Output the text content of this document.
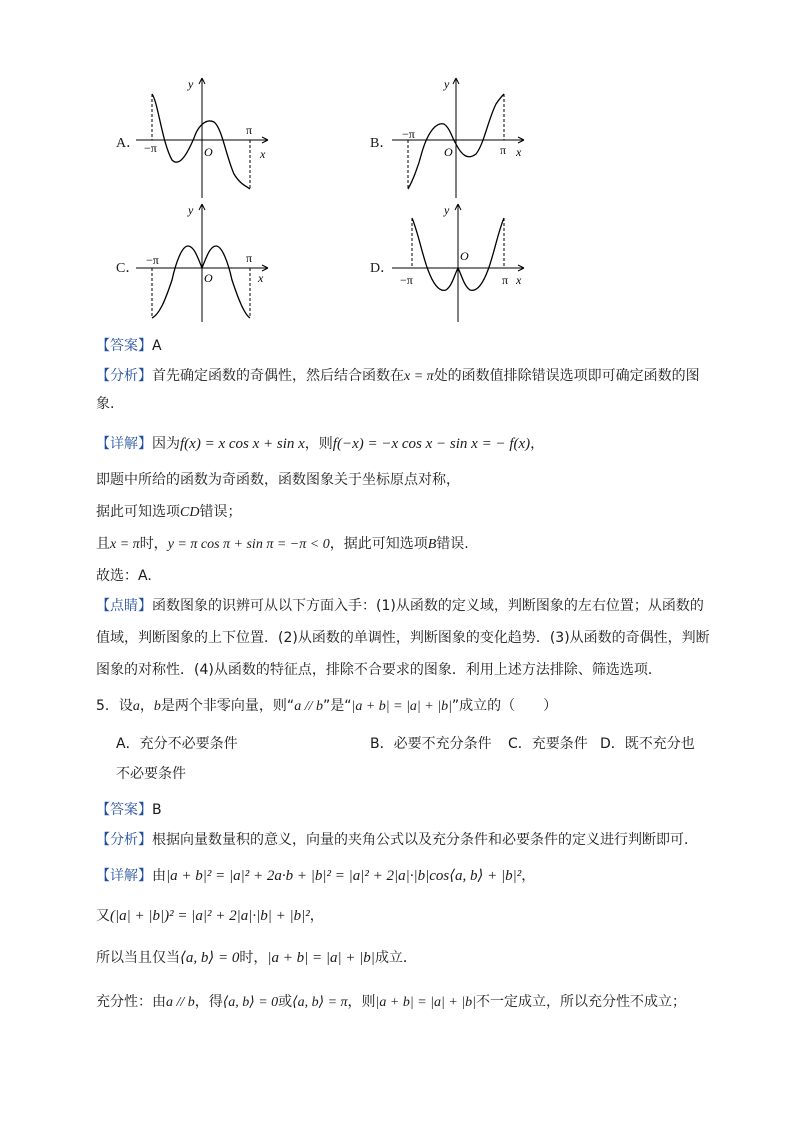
A． −π
π
O	x
y
B．
−π
π
O	x
y
C．
−π	π
O	x
y
D．
−π	π
O
x
y
【答案】A
【分析】首先确定函数的奇偶性，然后结合函数在x = π处的函数值排除错误选项即可确定函数的图
象.
【详解】因为f(x) = x cos x + sin x，则f(−x) = −x cos x − sin x = − f(x)，
即题中所给的函数为奇函数，函数图象关于坐标原点对称，
据此可知选项CD错误；
且x = π时，y = π cos π + sin π = −π < 0，据此可知选项B错误.
故选：A.
【点睛】函数图象的识辨可从以下方面入手：(1)从函数的定义域，判断图象的左右位置；从函数的
值域，判断图象的上下位置．(2)从函数的单调性，判断图象的变化趋势．(3)从函数的奇偶性，判断
图象的对称性．(4)从函数的特征点，排除不合要求的图象．利用上述方法排除、筛选选项．
5．设a，b是两个非零向量，则“a // b”是“|a + b| = |a| + |b|”成立的（　　）
A．充分不必要条件	B．必要不充分条件 C．充要条件 D．既不充分也
不必要条件
【答案】B
【分析】根据向量数量积的意义，向量的夹角公式以及充分条件和必要条件的定义进行判断即可．
【详解】由|a + b|² = |a|² + 2a·b + |b|² = |a|² + 2|a|·|b|cos⟨a, b⟩ + |b|²，
又(|a| + |b|)² = |a|² + 2|a|·|b| + |b|²，
所以当且仅当⟨a, b⟩ = 0时，|a + b| = |a| + |b|成立．
充分性：由a // b，得⟨a, b⟩ = 0或⟨a, b⟩ = π，则|a + b| = |a| + |b|不一定成立，所以充分性不成立；
